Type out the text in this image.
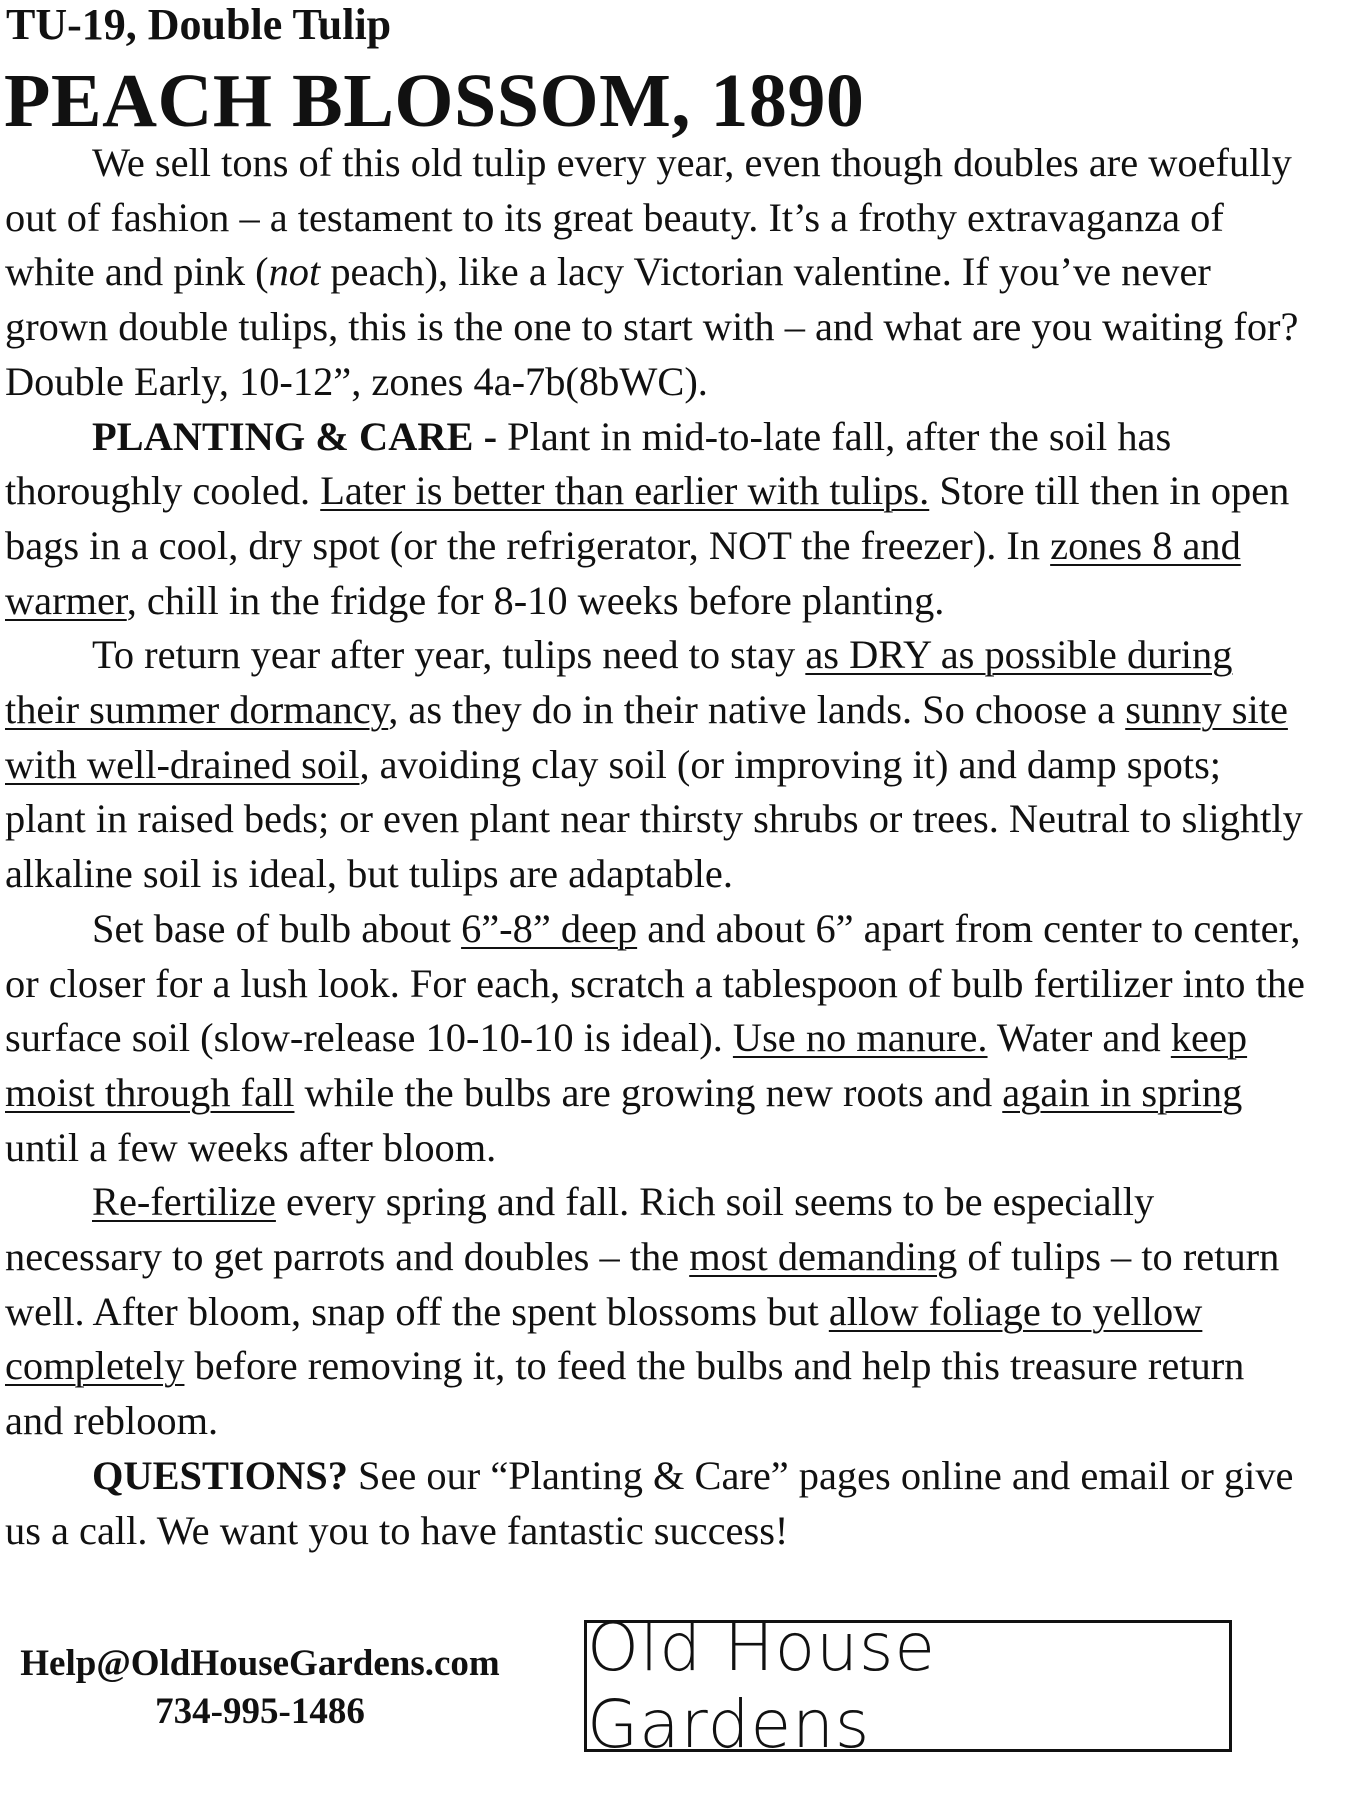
TU-19, Double Tulip
PEACH BLOSSOM, 1890

We sell tons of this old tulip every year, even though doubles are woefully out of fashion – a testament to its great beauty. It’s a frothy extravaganza of white and pink (not peach), like a lacy Victorian valentine. If you’ve never grown double tulips, this is the one to start with – and what are you waiting for? Double Early, 10-12”, zones 4a-7b(8bWC).

PLANTING & CARE - Plant in mid-to-late fall, after the soil has thoroughly cooled. Later is better than earlier with tulips. Store till then in open bags in a cool, dry spot (or the refrigerator, NOT the freezer). In zones 8 and warmer, chill in the fridge for 8-10 weeks before planting.

To return year after year, tulips need to stay as DRY as possible during their summer dormancy, as they do in their native lands. So choose a sunny site with well-drained soil, avoiding clay soil (or improving it) and damp spots; plant in raised beds; or even plant near thirsty shrubs or trees. Neutral to slightly alkaline soil is ideal, but tulips are adaptable.

Set base of bulb about 6”-8” deep and about 6” apart from center to center, or closer for a lush look. For each, scratch a tablespoon of bulb fertilizer into the surface soil (slow-release 10-10-10 is ideal). Use no manure. Water and keep moist through fall while the bulbs are growing new roots and again in spring until a few weeks after bloom.

Re-fertilize every spring and fall. Rich soil seems to be especially necessary to get parrots and doubles – the most demanding of tulips – to return well. After bloom, snap off the spent blossoms but allow foliage to yellow completely before removing it, to feed the bulbs and help this treasure return and rebloom.

QUESTIONS? See our “Planting & Care” pages online and email or give us a call. We want you to have fantastic success!

Help@OldHouseGardens.com
734-995-1486
Old House Gardens
